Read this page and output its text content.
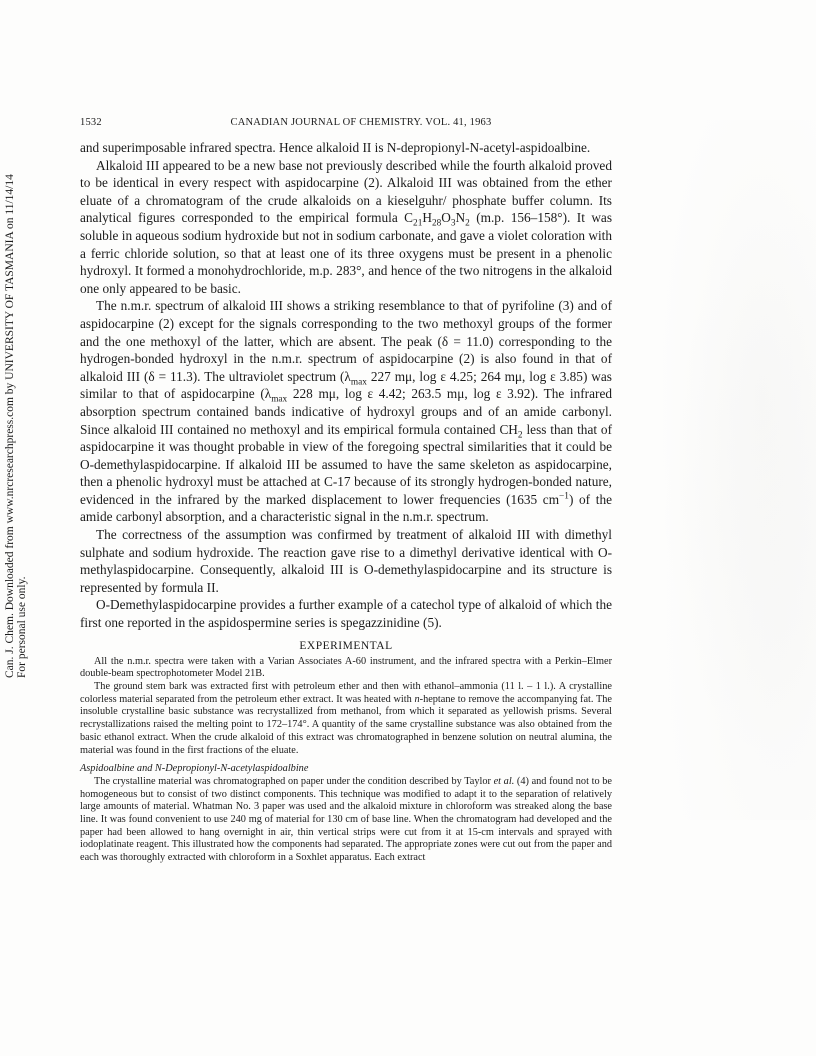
Can. J. Chem. Downloaded from www.nrcresearchpress.com by UNIVERSITY OF TASMANIA on 11/14/14 For personal use only.
1532	CANADIAN JOURNAL OF CHEMISTRY. VOL. 41, 1963

and superimposable infrared spectra. Hence alkaloid II is N-depropionyl-N-acetyl-aspidoalbine.

Alkaloid III appeared to be a new base not previously described while the fourth alkaloid proved to be identical in every respect with aspidocarpine (2). Alkaloid III was obtained from the ether eluate of a chromatogram of the crude alkaloids on a kieselguhr/ phosphate buffer column. Its analytical figures corresponded to the empirical formula $C_{21}H_{28}O_3N_2$ (m.p. 156–158°). It was soluble in aqueous sodium hydroxide but not in sodium carbonate, and gave a violet coloration with a ferric chloride solution, so that at least one of its three oxygens must be present in a phenolic hydroxyl. It formed a monohydrochloride, m.p. 283°, and hence of the two nitrogens in the alkaloid one only appeared to be basic.

The n.m.r. spectrum of alkaloid III shows a striking resemblance to that of pyrifoline (3) and of aspidocarpine (2) except for the signals corresponding to the two methoxyl groups of the former and the one methoxyl of the latter, which are absent. The peak (δ = 11.0) corresponding to the hydrogen-bonded hydroxyl in the n.m.r. spectrum of aspidocarpine (2) is also found in that of alkaloid III (δ = 11.3). The ultraviolet spectrum ($\lambda_{max}$ 227 mμ, log ε 4.25; 264 mμ, log ε 3.85) was similar to that of aspidocarpine ($\lambda_{max}$ 228 mμ, log ε 4.42; 263.5 mμ, log ε 3.92). The infrared absorption spectrum contained bands indicative of hydroxyl groups and of an amide carbonyl. Since alkaloid III contained no methoxyl and its empirical formula contained $CH_2$ less than that of aspidocarpine it was thought probable in view of the foregoing spectral similarities that it could be O-demethylaspidocarpine. If alkaloid III be assumed to have the same skeleton as aspidocarpine, then a phenolic hydroxyl must be attached at C-17 because of its strongly hydrogen-bonded nature, evidenced in the infrared by the marked displacement to lower frequencies (1635 $cm^{-1}$) of the amide carbonyl absorption, and a characteristic signal in the n.m.r. spectrum.

The correctness of the assumption was confirmed by treatment of alkaloid III with dimethyl sulphate and sodium hydroxide. The reaction gave rise to a dimethyl derivative identical with O-methylaspidocarpine. Consequently, alkaloid III is O-demethylaspidocarpine and its structure is represented by formula II.

O-Demethylaspidocarpine provides a further example of a catechol type of alkaloid of which the first one reported in the aspidospermine series is spegazzinidine (5).

EXPERIMENTAL

All the n.m.r. spectra were taken with a Varian Associates A-60 instrument, and the infrared spectra with a Perkin–Elmer double-beam spectrophotometer Model 21B.

The ground stem bark was extracted first with petroleum ether and then with ethanol–ammonia (11 l. – 1 l.). A crystalline colorless material separated from the petroleum ether extract. It was heated with n-heptane to remove the accompanying fat. The insoluble crystalline basic substance was recrystallized from methanol, from which it separated as yellowish prisms. Several recrystallizations raised the melting point to 172–174°. A quantity of the same crystalline substance was also obtained from the basic ethanol extract. When the crude alkaloid of this extract was chromatographed in benzene solution on neutral alumina, the material was found in the first fractions of the eluate.

Aspidoalbine and N-Depropionyl-N-acetylaspidoalbine

The crystalline material was chromatographed on paper under the condition described by Taylor et al. (4) and found not to be homogeneous but to consist of two distinct components. This technique was modified to adapt it to the separation of relatively large amounts of material. Whatman No. 3 paper was used and the alkaloid mixture in chloroform was streaked along the base line. It was found convenient to use 240 mg of material for 130 cm of base line. When the chromatogram had developed and the paper had been allowed to hang overnight in air, thin vertical strips were cut from it at 15-cm intervals and sprayed with iodoplatinate reagent. This illustrated how the components had separated. The appropriate zones were cut out from the paper and each was thoroughly extracted with chloroform in a Soxhlet apparatus. Each extract
